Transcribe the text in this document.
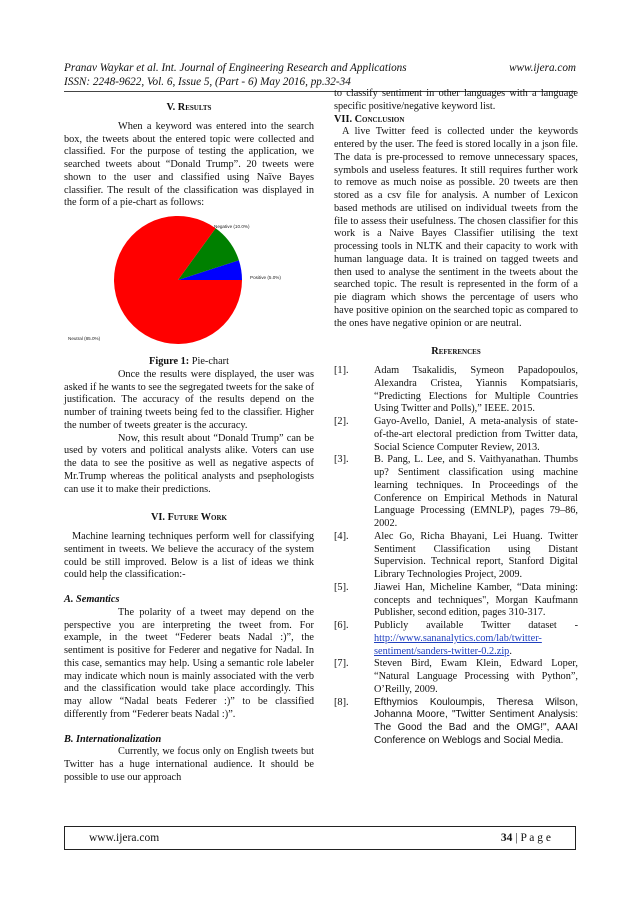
Pranav Waykar et al. Int. Journal of Engineering Research and Applications	www.ijera.com
ISSN: 2248-9622, Vol. 6, Issue 5, (Part - 6) May 2016, pp.32-34
V. Results

When a keyword was entered into the search box, the tweets about the entered topic were collected and classified. For the purpose of testing the application, we searched tweets about “Donald Trump”. 20 tweets were shown to the user and classified using Naïve Bayes classifier. The result of the classification was displayed in the form of a pie-chart as follows:

Positive (5.0%)
Negative (10.0%)
Neutral (85.0%)
Figure 1: Pie-chart

Once the results were displayed, the user was asked if he wants to see the segregated tweets for the sake of justification. The accuracy of the results depend on the number of training tweets being fed to the classifier. Higher the number of tweets greater is the accuracy.

Now, this result about “Donald Trump” can be used by voters and political analysts alike. Voters can use the data to see the positive as well as negative aspects of Mr.Trump whereas the political analysts and psephologists can use it to make their predictions.

VI. Future Work

Machine learning techniques perform well for classifying sentiment in tweets. We believe the accuracy of the system could be still improved. Below is a list of ideas we think could help the classification:-

A. Semantics

The polarity of a tweet may depend on the perspective you are interpreting the tweet from. For example, in the tweet “Federer beats Nadal :)”, the sentiment is positive for Federer and negative for Nadal. In this case, semantics may help. Using a semantic role labeler may indicate which noun is mainly associated with the verb and the classification would take place accordingly. This may allow “Nadal beats Federer :)” to be classified differently from “Federer beats Nadal :)”.

B. Internationalization

Currently, we focus only on English tweets but Twitter has a huge international audience. It should be possible to use our approach

to classify sentiment in other languages with a language specific positive/negative keyword list.

VII. Conclusion

A live Twitter feed is collected under the keywords entered by the user. The feed is stored locally in a json file. The data is pre-processed to remove unnecessary spaces, symbols and useless features. It still requires further work to remove as much noise as possible. 20 tweets are then stored as a csv file for analysis. A number of Lexicon based methods are utilised on individual tweets from the file to assess their usefulness. The chosen classifier for this work is a Naive Bayes Classifier utilising the text processing tools in NLTK and their capacity to work with human language data. It is trained on tagged tweets and then used to analyse the sentiment in the tweets about the searched topic. The result is represented in the form of a pie diagram which shows the percentage of users who have positive opinion on the searched topic as compared to the ones have negative opinion or are neutral.

References
[1].	Adam Tsakalidis, Symeon Papadopoulos, Alexandra Cristea, Yiannis Kompatsiaris, “Predicting Elections for Multiple Countries Using Twitter and Polls),” IEEE. 2015.
[2].	Gayo-Avello, Daniel, A meta-analysis of state-of-the-art electoral prediction from Twitter data, Social Science Computer Review, 2013.
[3].	B. Pang, L. Lee, and S. Vaithyanathan. Thumbs up? Sentiment classification using machine learning techniques. In Proceedings of the Conference on Empirical Methods in Natural Language Processing (EMNLP), pages 79–86, 2002.
[4].	Alec Go, Richa Bhayani, Lei Huang. Twitter Sentiment Classification using Distant Supervision. Technical report, Stanford Digital Library Technologies Project, 2009.
[5].	Jiawei Han, Micheline Kamber, “Data mining: concepts and techniques", Morgan Kaufmann Publisher, second edition, pages 310-317.
[6].	Publicly available Twitter dataset - http://www.sananalytics.com/lab/twitter-sentiment/sanders-twitter-0.2.zip.
[7].	Steven Bird, Ewam Klein, Edward Loper, “Natural Language Processing with Python”, O’Reilly, 2009.
[8].	Efthymios Kouloumpis, Theresa Wilson, Johanna Moore, "Twitter Sentiment Analysis: The Good the Bad and the OMG!", AAAI Conference on Weblogs and Social Media.
www.ijera.com	34 | P a g e
